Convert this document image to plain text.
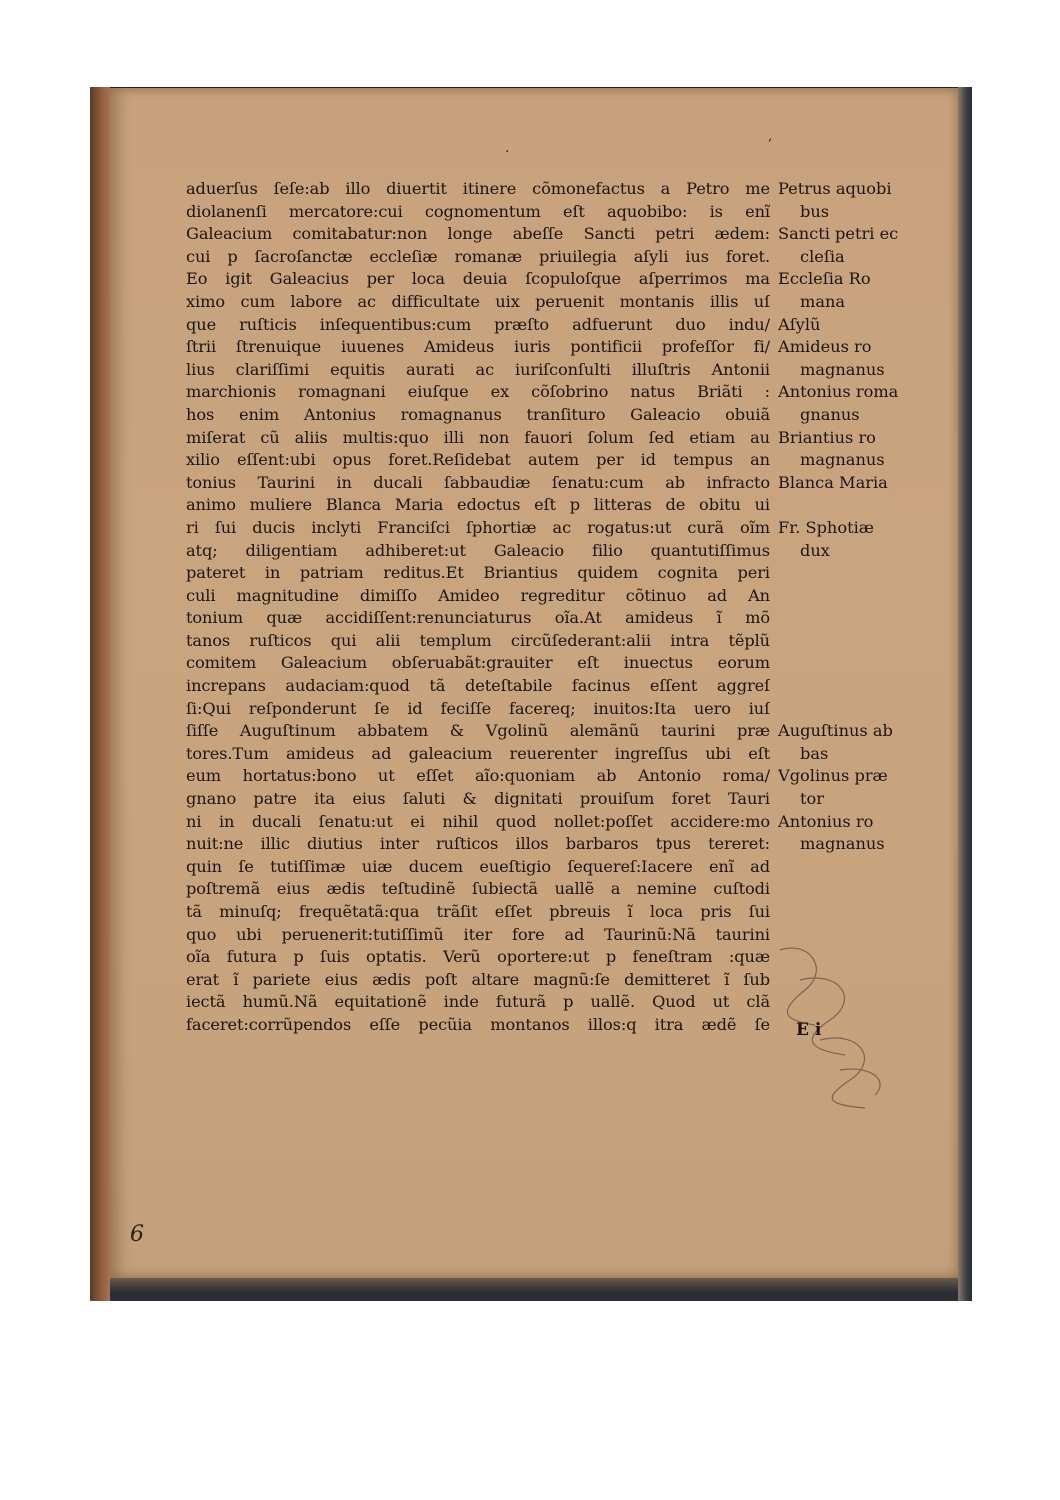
.
,
aduerſus ſeſe:ab illo diuertit itinere cõmonefactus a Petro me
diolanenſi mercatore:cui cognomentum eſt aquobibo: is enĩ
Galeacium comitabatur:non longe abeſſe Sancti petri ædem:
cui p ſacroſanctæ eccleſiæ romanæ priuilegia aſyli ius foret.
Eo igit Galeacius per loca deuia ſcopuloſque aſperrimos ma
ximo cum labore ac difficultate uix peruenit montanis illis uſ
que ruſticis inſequentibus:cum præſto adfuerunt duo indu/
ſtrii ſtrenuique iuuenes Amideus iuris pontificii profeſſor fi/
lius clariſſimi equitis aurati ac iuriſconſulti illuſtris Antonii
marchionis romagnani eiuſque ex cõſobrino natus Briãti :
hos enim Antonius romagnanus tranſituro Galeacio obuiã
miſerat cũ aliis multis:quo illi non fauori ſolum ſed etiam au
xilio eſſent:ubi opus foret.Reſidebat autem per id tempus an
tonius Taurini in ducali ſabbaudiæ ſenatu:cum ab infracto
animo muliere Blanca Maria edoctus eſt p litteras de obitu ui
ri ſui ducis inclyti Franciſci ſphortiæ ac rogatus:ut curã oĩm
atq; diligentiam adhiberet:ut Galeacio filio quantutiſſimus
pateret in patriam reditus.Et Briantius quidem cognita peri
culi magnitudine dimiſſo Amideo regreditur cõtinuo ad An
tonium quæ accidiſſent:renunciaturus oĩa.At amideus ĩ mõ
tanos ruſticos qui alii templum circũſederant:alii intra tẽplũ
comitem Galeacium obſeruabãt:grauiter eſt inuectus eorum
increpans audaciam:quod tã deteſtabile facinus eſſent aggreſ
ſi:Qui reſponderunt ſe id feciſſe facereq; inuitos:Ita uero iuſ
ſiſſe Auguſtinum abbatem & Vgolinũ alemãnũ taurini præ
tores.Tum amideus ad galeacium reuerenter ingreſſus ubi eſt
eum hortatus:bono ut eſſet aĩo:quoniam ab Antonio roma/
gnano patre ita eius ſaluti & dignitati prouiſum foret Tauri
ni in ducali ſenatu:ut ei nihil quod nollet:poſſet accidere:mo
nuit:ne illic diutius inter ruſticos illos barbaros tpus tereret:
quin ſe tutiſſimæ uiæ ducem eueſtigio ſequereſ:Iacere enĩ ad
poſtremã eius ædis teſtudinẽ ſubiectã uallẽ a nemine cuſtodi
tã minuſq; frequẽtatã:qua trãſit eſſet pbreuis ĩ loca pris ſui
quo ubi peruenerit:tutiſſimũ iter fore ad Taurinũ:Nã taurini
oĩa futura p ſuis optatis. Verũ oportere:ut p feneſtram :quæ
erat ĩ pariete eius ædis poſt altare magnũ:ſe demitteret ĩ ſub
iectã humũ.Nã equitationẽ inde futurã p uallẽ. Quod ut clã
faceret:corrũpendos eſſe pecũia montanos illos:q itra ædẽ ſe
Petrus aquobi
bus
Sancti petri ec
cleſia
Eccleſia Ro
mana
Aſylũ
Amideus ro
magnanus
Antonius roma
gnanus
Briantius ro
magnanus
Blanca Maria
Fr. Sphotiæ
dux
Auguſtinus ab
bas
Vgolinus præ
tor
Antonius ro
magnanus
E i
6
